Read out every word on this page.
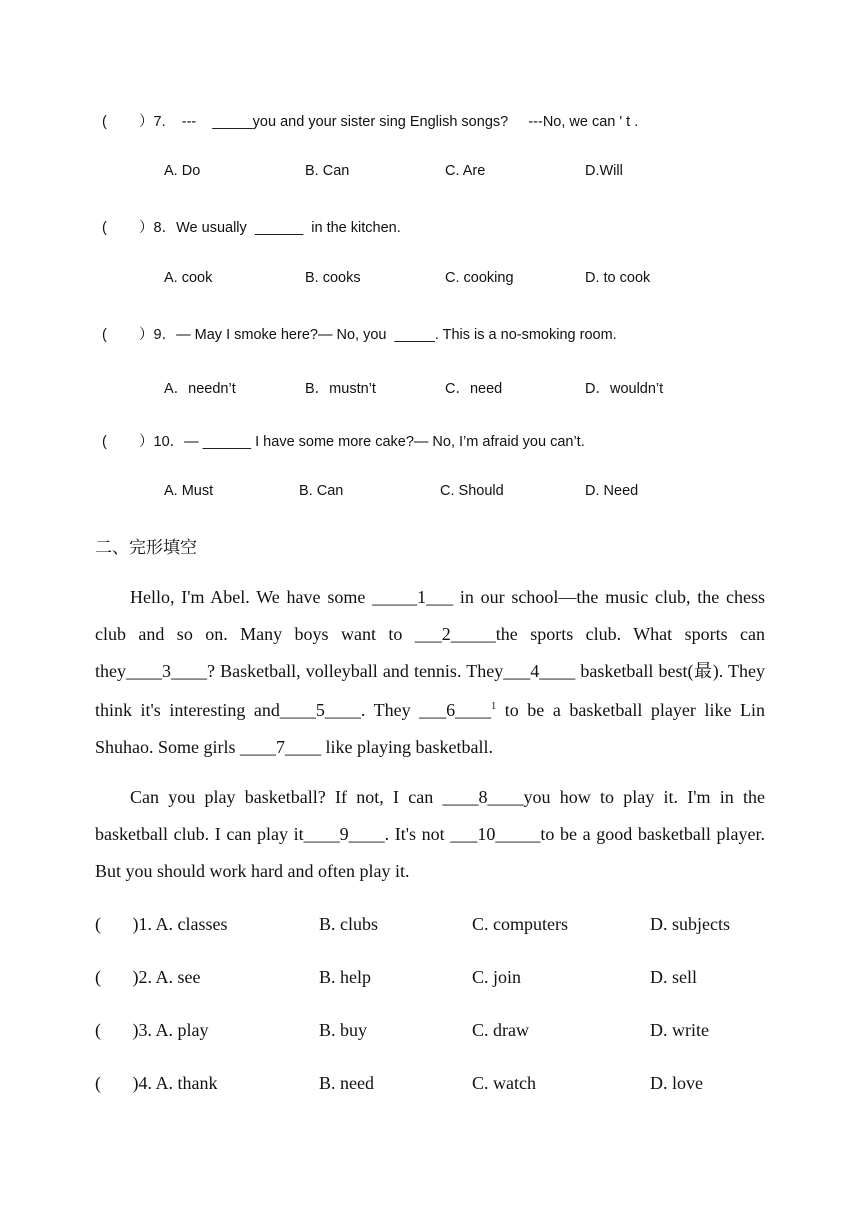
(        ）7.    ---    _____you and your sister sing English songs?     ---No, we can ' t .
A. Do	B. Can	C. Are	D.Will
(        ）8．We usually  ______  in the kitchen.
A. cook	B. cooks	C. cooking	D. to cook
(        ）9．— May I smoke here?— No, you  _____. This is a no-smoking room.
A．needn’t	B．mustn’t	C．need	D．wouldn’t
(        ）10．— ______ I have some more cake?— No, I’m afraid you can’t.
A. Must	B. Can	C. Should	D. Need
二、完形填空
Hello, I'm Abel. We have some _____1___ in our school—the music club, the chess club and so on. Many boys want to ___2_____the sports club. What sports can they____3____? Basketball, volleyball and tennis. They___4____ basketball best(最). They think it's interesting and____5____. They ___6____$^1$ to be a basketball player like Lin Shuhao. Some girls ____7____ like playing basketball.
Can you play basketball? If not, I can ____8____you how to play it. I'm in the basketball club. I can play it____9____. It's not ___10_____to be a good basketball player. But you should work hard and often play it.
(       )1. A. classes	B. clubs	C. computers	D. subjects
(       )2. A. see	B. help	C. join	D. sell
(       )3. A. play	B. buy	C. draw	D. write
(       )4. A. thank	B. need	C. watch	D. love
